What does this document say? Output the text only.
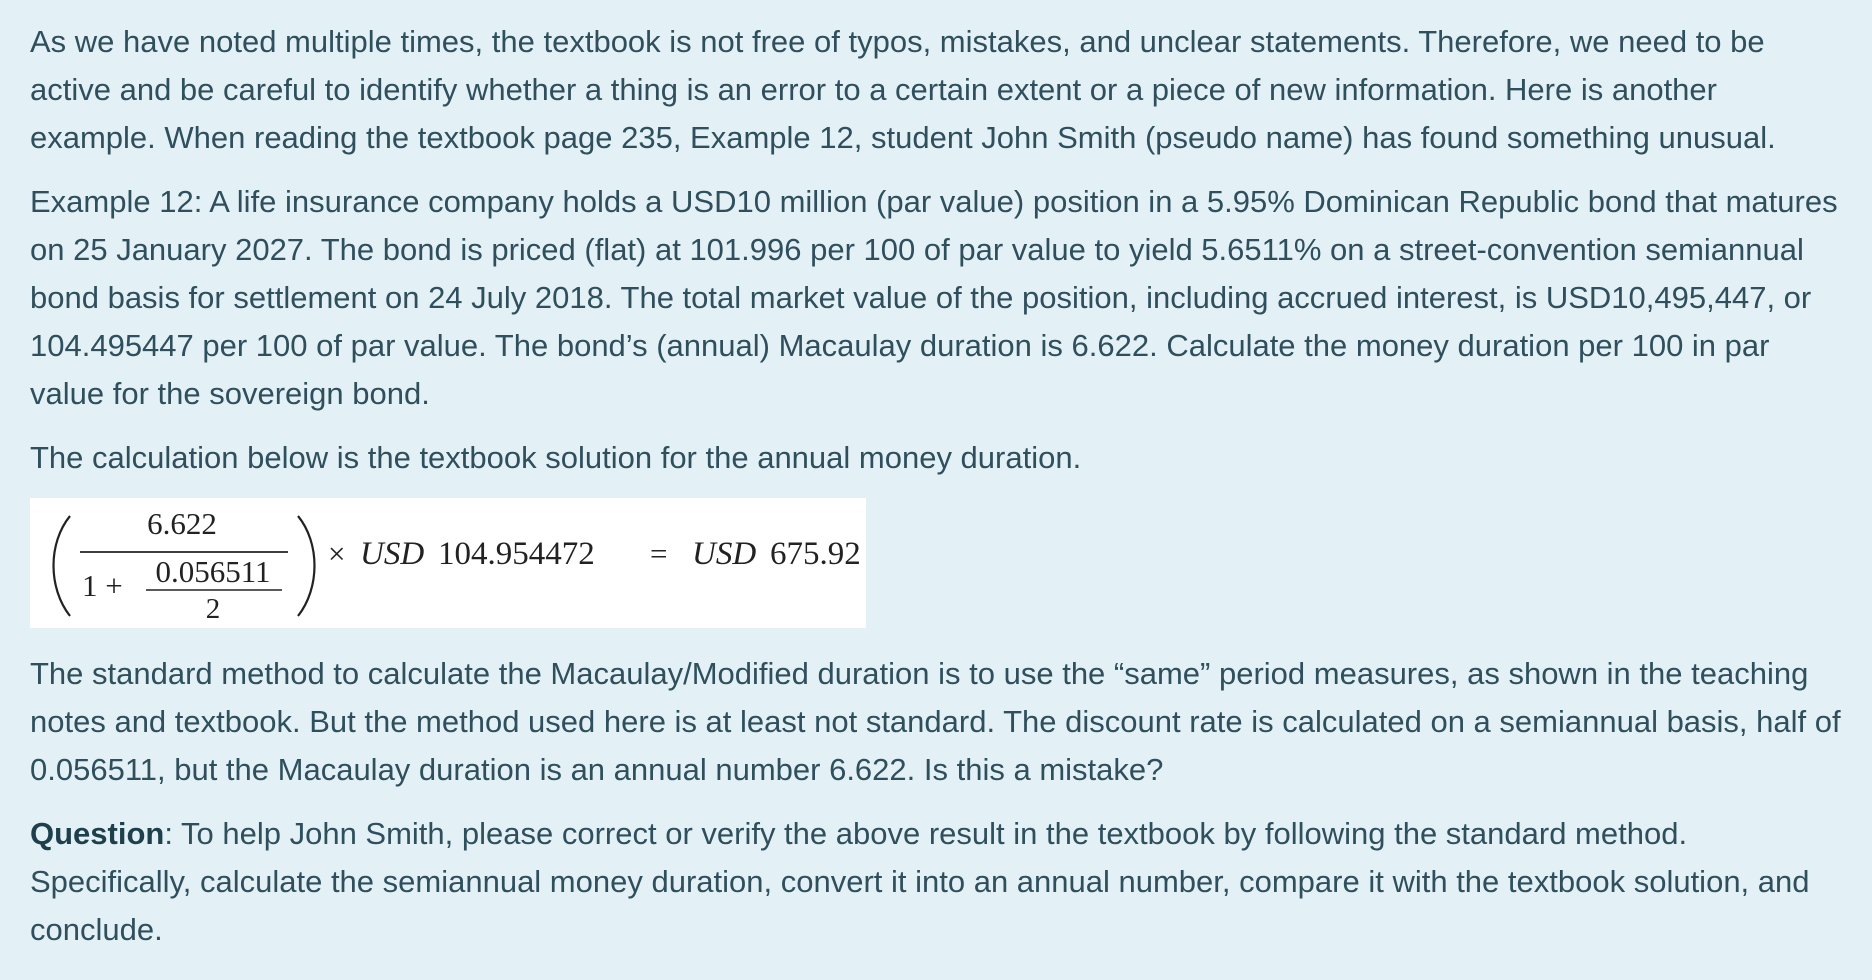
As we have noted multiple times, the textbook is not free of typos, mistakes, and unclear statements. Therefore, we need to be active and be careful to identify whether a thing is an error to a certain extent or a piece of new information. Here is another example. When reading the textbook page 235, Example 12, student John Smith (pseudo name) has found something unusual.

Example 12: A life insurance company holds a USD10 million (par value) position in a 5.95% Dominican Republic bond that matures on 25 January 2027. The bond is priced (flat) at 101.996 per 100 of par value to yield 5.6511% on a street-convention semiannual bond basis for settlement on 24 July 2018. The total market value of the position, including accrued interest, is USD10,495,447, or 104.495447 per 100 of par value. The bond’s (annual) Macaulay duration is 6.622. Calculate the money duration per 100 in par value for the sovereign bond.

The calculation below is the textbook solution for the annual money duration.

6.622
1 + 0.056511
2
× USD 104.954472 = USD 675.92

The standard method to calculate the Macaulay/Modified duration is to use the “same” period measures, as shown in the teaching notes and textbook. But the method used here is at least not standard. The discount rate is calculated on a semiannual basis, half of 0.056511, but the Macaulay duration is an annual number 6.622. Is this a mistake?

Question: To help John Smith, please correct or verify the above result in the textbook by following the standard method. Specifically, calculate the semiannual money duration, convert it into an annual number, compare it with the textbook solution, and conclude.
